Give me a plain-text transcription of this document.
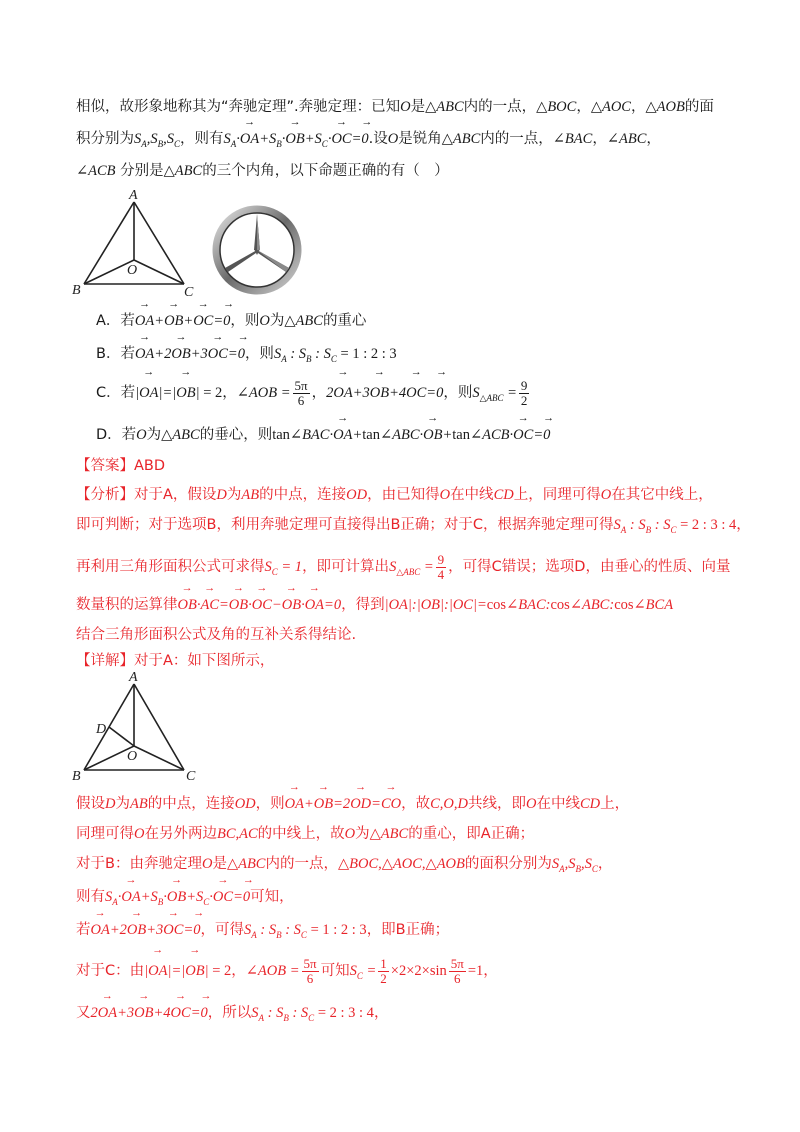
相似，故形象地称其为“奔驰定理”.奔驰定理：已知O是△ABC内的一点，△BOC，△AOC，△AOB的面
积分别为$S_A,S_B,S_C$，则有$S_A\cdot\to OA+S_B\cdot\to OB+S_C\cdot\to OC=\to 0$.设O是锐角△ABC内的一点，∠BAC，∠ABC，
∠ACB 分别是△ABC的三个内角，以下命题正确的有（　）
A
O
B	C
A．若→ OA+→ OB+→ OC=→ 0，则O为△ABC的重心
B．若→ OA+2→ OB+3→ OC=→ 0，则$S_A$ : $S_B$ : $S_C = 1$ : 2 : 3
C．若|→ OA|=|→ OB| = 2，∠AOB = $\frac{5\pi}{6}$ ，2→ OA+3→ OB+4→ OC=→ 0，则$S_{\triangle ABC} = \frac{9}{2}$
D．若O为△ABC的垂心，则tan∠BAC·→ OA+tan∠ABC·→ OB+tan∠ACB·→ OC=→ 0
【答案】ABD
【分析】对于A，假设D为AB的中点，连接OD，由已知得O在中线CD上，同理可得O在其它中线上，
即可判断；对于选项B，利用奔驰定理可直接得出B正确；对于C，根据奔驰定理可得$S_A$ : $S_B$ : $S_C = 2$ : 3 : 4，
再利用三角形面积公式可求得$S_C = 1$，即可计算出$S_{\triangle ABC} = \frac{9}{4}$ ，可得C错误；选项D，由垂心的性质、向量
数量积的运算律→ OB·→ AC=→ OB·→ OC−→ OB·→ OA=0，得到|OA|:|OB|:|OC|=cos∠BAC:cos∠ABC:cos∠BCA
结合三角形面积公式及角的互补关系得结论.
【详解】对于A：如下图所示，
A
D
O
B	C
假设D为AB的中点，连接OD，则→ OA+→ OB=2→ OD=→ CO，故C,O,D共线，即O在中线CD上，
同理可得O在另外两边BC,AC的中线上，故O为△ABC的重心，即A正确；
对于B：由奔驰定理O是△ABC内的一点，△BOC,△AOC,△AOB的面积分别为$S_A,S_B,S_C$，
则有$S_A\cdot\to OA+S_B\cdot\to OB+S_C\cdot\to OC=\to 0$可知，
若→ OA+2→ OB+3→ OC=→ 0，可得$S_A$ : $S_B$ : $S_C = 1$ : 2 : 3，即B正确；
对于C：由|→ OA|=|→ OB| = 2，∠AOB = $\frac{5\pi}{6}$ 可知$S_C = \frac{1}{2} \times 2\times 2\times\sin \frac{5\pi}{6} =1$，
又2→ OA+3→ OB+4→ OC=→ 0，所以$S_A$ : $S_B$ : $S_C = 2$ : 3 : 4，
